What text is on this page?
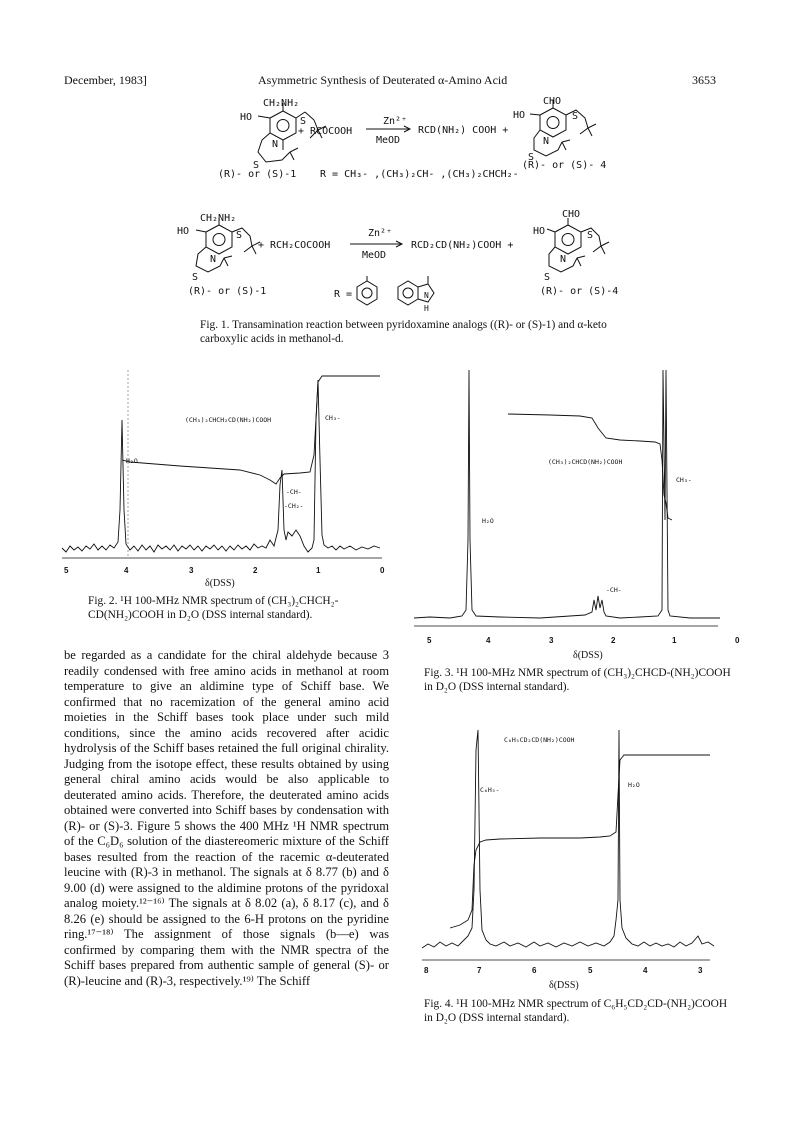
December, 1983]	Asymmetric Synthesis of Deuterated α-Amino Acid	3653
CH₂NH₂
HO	S
N
S
+ RCOCOOH
Zn²⁺
MeOD
RCD(NH₂) COOH +
CHO
HO	S
N
S
(R)- or (S)-1 R = CH₃- ,(CH₃)₂CH- ,(CH₃)₂CHCH₂-
(R)- or (S)- 4
CH₂NH₂
HO	S
N
S
+ RCH₂COCOOH
Zn²⁺
MeOD
RCD₂CD(NH₂)COOH +
CHO
HO	S
N
S
(R)- or (S)-1	(R)- or (S)-4
R =	N
H
Fig. 1. Transamination reaction between pyridoxamine analogs ((R)- or (S)-1) and α-keto carboxylic acids in methanol-d.
(CH₃)₂CHCH₂CD(NH₂)COOH
H₂O
-CH-
-CH₂-
CH₃-
5	4	3	2	1	0
δ(DSS)
Fig. 2. ¹H 100-MHz NMR spectrum of (CH₃)₂CHCH₂-CD(NH₂)COOH in D₂O (DSS internal standard).
(CH₃)₂CHCD(NH₂)COOH
H₂O
-CH-
CH₃-
5	4	3	2	1	0
δ(DSS)
Fig. 3. ¹H 100-MHz NMR spectrum of (CH₃)₂CHCD-(NH₂)COOH in D₂O (DSS internal standard).
C₆H₅CD₂CD(NH₂)COOH
C₆H₅-
H₂O
8	7	6	5	4	3
δ(DSS)
Fig. 4. ¹H 100-MHz NMR spectrum of C₆H₅CD₂CD-(NH₂)COOH in D₂O (DSS internal standard).

be regarded as a candidate for the chiral aldehyde because 3 readily condensed with free amino acids in methanol at room temperature to give an aldimine type of Schiff base. We confirmed that no racemization of the general amino acid moieties in the Schiff bases took place under such mild conditions, since the amino acids recovered after acidic hydrolysis of the Schiff bases retained the full original chirality. Judging from the isotope effect, these results obtained by using general chiral amino acids would be also applicable to deuterated amino acids. Therefore, the deuterated amino acids obtained were converted into Schiff bases by condensation with (R)- or (S)-3. Figure 5 shows the 400 MHz ¹H NMR spectrum of the C₆D₆ solution of the diastereomeric mixture of the Schiff bases resulted from the reaction of the racemic α-deuterated leucine with (R)-3 in methanol. The signals at δ 8.77 (b) and δ 9.00 (d) were assigned to the aldimine protons of the pyridoxal analog moiety.¹²⁻¹⁶⁾ The signals at δ 8.02 (a), δ 8.17 (c), and δ 8.26 (e) should be assigned to the 6-H protons on the pyridine ring.¹⁷⁻¹⁸⁾ The assignment of those signals (b—e) was confirmed by comparing them with the NMR spectra of the Schiff bases prepared from authentic sample of general (S)- or (R)-leucine and (R)-3, respectively.¹⁹⁾ The Schiff
